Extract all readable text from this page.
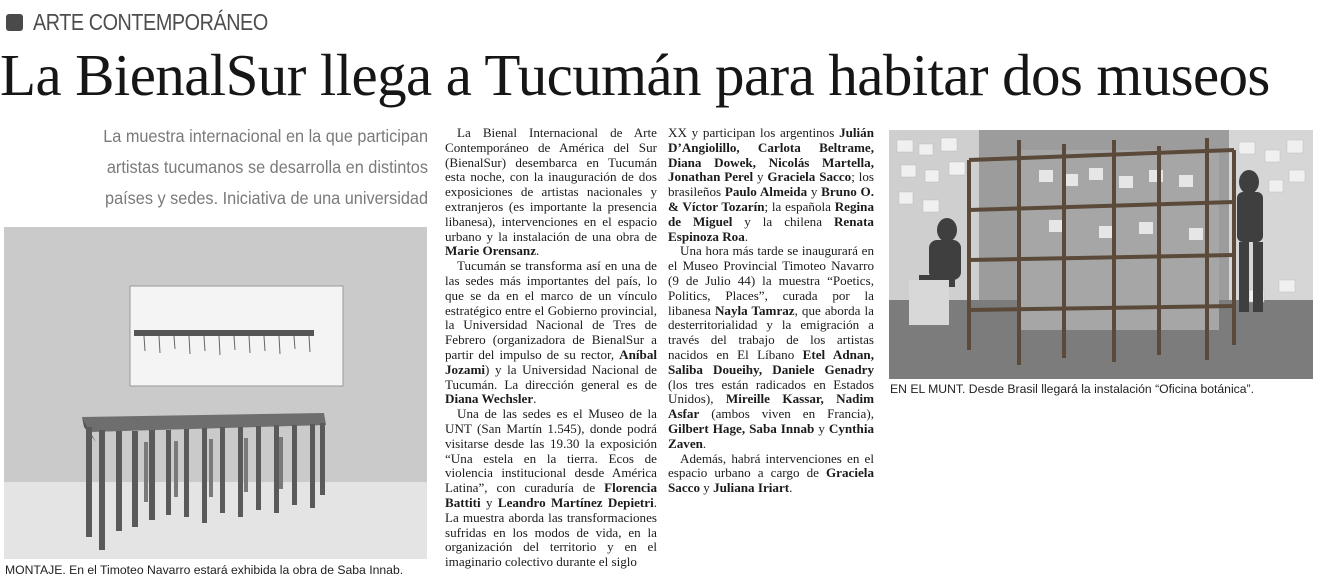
ARTE CONTEMPORÁNEO
La BienalSur llega a Tucumán para habitar dos museos
La muestra internacional en la que participan artistas tucumanos se desarrolla en distintos países y sedes. Iniciativa de una universidad
MONTAJE. En el Timoteo Navarro estará exhibida la obra de Saba Innab.
EN EL MUNT. Desde Brasil llegará la instalación “Oficina botánica”.

La Bienal Internacional de Arte Contemporáneo de América del Sur (BienalSur) desembarca en Tucumán esta noche, con la inauguración de dos exposiciones de artistas nacionales y extranjeros (es importante la presencia libanesa), intervenciones en el espacio urbano y la instalación de una obra de Marie Orensanz.

Tucumán se transforma así en una de las sedes más importantes del país, lo que se da en el marco de un vínculo estratégico entre el Gobierno provincial, la Universidad Nacional de Tres de Febrero (organizadora de BienalSur a partir del impulso de su rector, Aníbal Jozami) y la Universidad Nacional de Tucumán. La dirección general es de Diana Wechsler.

Una de las sedes es el Museo de la UNT (San Martín 1.545), donde podrá visitarse desde las 19.30 la exposición “Una estela en la tierra. Ecos de violencia institucional desde América Latina”, con curaduría de Florencia Battiti y Leandro Martínez Depietri. La muestra aborda las transformaciones sufridas en los modos de vida, en la organización del territorio y en el imaginario colectivo durante el siglo

XX y participan los argentinos Julián D’Angiolillo, Carlota Beltrame, Diana Dowek, Nicolás Martella, Jonathan Perel y Graciela Sacco; los brasileños Paulo Almeida y Bruno O. & Víctor Tozarín; la española Regina de Miguel y la chilena Renata Espinoza Roa.

Una hora más tarde se inaugurará en el Museo Provincial Timoteo Navarro (9 de Julio 44) la muestra “Poetics, Politics, Places”, curada por la libanesa Nayla Tamraz, que aborda la desterritorialidad y la emigración a través del trabajo de los artistas nacidos en El Líbano Etel Adnan, Saliba Doueihy, Daniele Genadry (los tres están radicados en Estados Unidos), Mireille Kassar, Nadim Asfar (ambos viven en Francia), Gilbert Hage, Saba Innab y Cynthia Zaven.

Además, habrá intervenciones en el espacio urbano a cargo de Graciela Sacco y Juliana Iriart.
